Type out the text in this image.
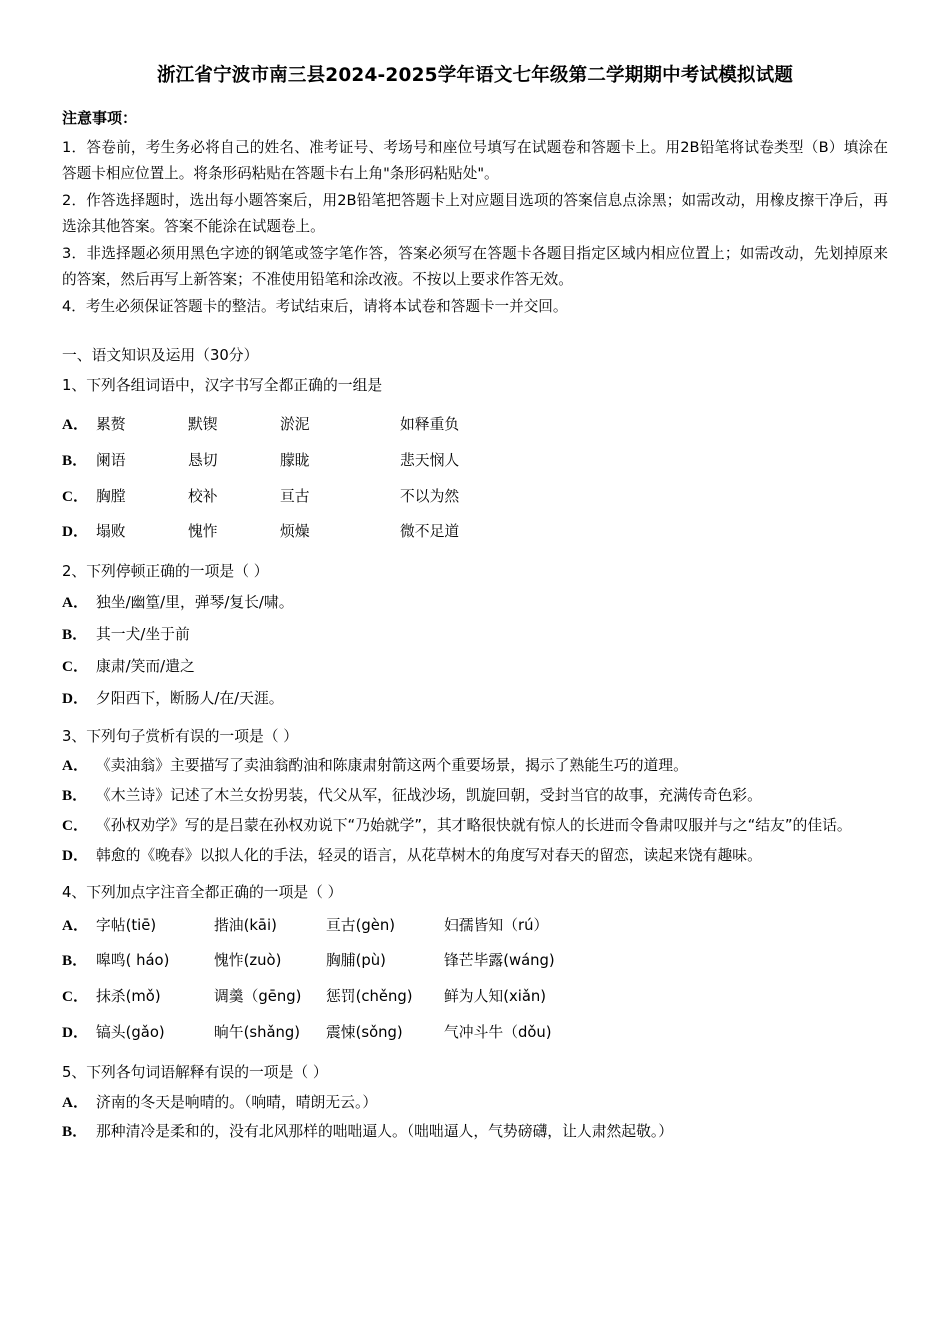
浙江省宁波市南三县2024-2025学年语文七年级第二学期期中考试模拟试题
注意事项：
1．答卷前，考生务必将自己的姓名、准考证号、考场号和座位号填写在试题卷和答题卡上。用2B铅笔将试卷类型（B）填涂在答题卡相应位置上。将条形码粘贴在答题卡右上角"条形码粘贴处"。
2．作答选择题时，选出每小题答案后，用2B铅笔把答题卡上对应题目选项的答案信息点涂黑；如需改动，用橡皮擦干净后，再选涂其他答案。答案不能涂在试题卷上。
3．非选择题必须用黑色字迹的钢笔或签字笔作答，答案必须写在答题卡各题目指定区域内相应位置上；如需改动，先划掉原来的答案，然后再写上新答案；不准使用铅笔和涂改液。不按以上要求作答无效。
4．考生必须保证答题卡的整洁。考试结束后，请将本试卷和答题卡一并交回。
一、语文知识及运用（30分）
1、下列各组词语中，汉字书写全都正确的一组是
A． 累赘	默锲	淤泥	如释重负
B． 阑语	恳切	朦眬	悲天悯人
C． 胸膛	校补	亘古	不以为然
D． 塌败	愧怍	烦燥	微不足道
2、下列停顿正确的一项是（ ）
A． 独坐/幽篁/里，弹琴/复长/啸。
B． 其一犬/坐于前
C． 康肃/笑而/遣之
D． 夕阳西下，断肠人/在/天涯。
3、下列句子赏析有误的一项是（ ）
A． 《卖油翁》主要描写了卖油翁酌油和陈康肃射箭这两个重要场景，揭示了熟能生巧的道理。
B． 《木兰诗》记述了木兰女扮男装，代父从军，征战沙场，凯旋回朝，受封当官的故事，充满传奇色彩。
C． 《孙权劝学》写的是吕蒙在孙权劝说下“乃始就学”，其才略很快就有惊人的长进而令鲁肃叹服并与之“结友”的佳话。
D． 韩愈的《晚春》以拟人化的手法，轻灵的语言，从花草树木的角度写对春天的留恋，读起来饶有趣味。
4、下列加点字注音全都正确的一项是（ ）
A． 字帖(tiē)	揩油(kāi)	亘古(gèn)	妇孺皆知（rú）
B． 嗥鸣( háo)	愧怍(zuò)	胸脯(pù)	锋芒毕露(wáng)
C． 抹杀(mǒ)	调羹（gēng)	惩罚(chěng)	鲜为人知(xiǎn)
D． 镐头(gǎo)	晌午(shǎng)	震悚(sǒng)	气冲斗牛（dǒu)
5、下列各句词语解释有误的一项是（ ）
A． 济南的冬天是响晴的。（响晴，晴朗无云。）
B． 那种清冷是柔和的，没有北风那样的咄咄逼人。（咄咄逼人，气势磅礴，让人肃然起敬。）
